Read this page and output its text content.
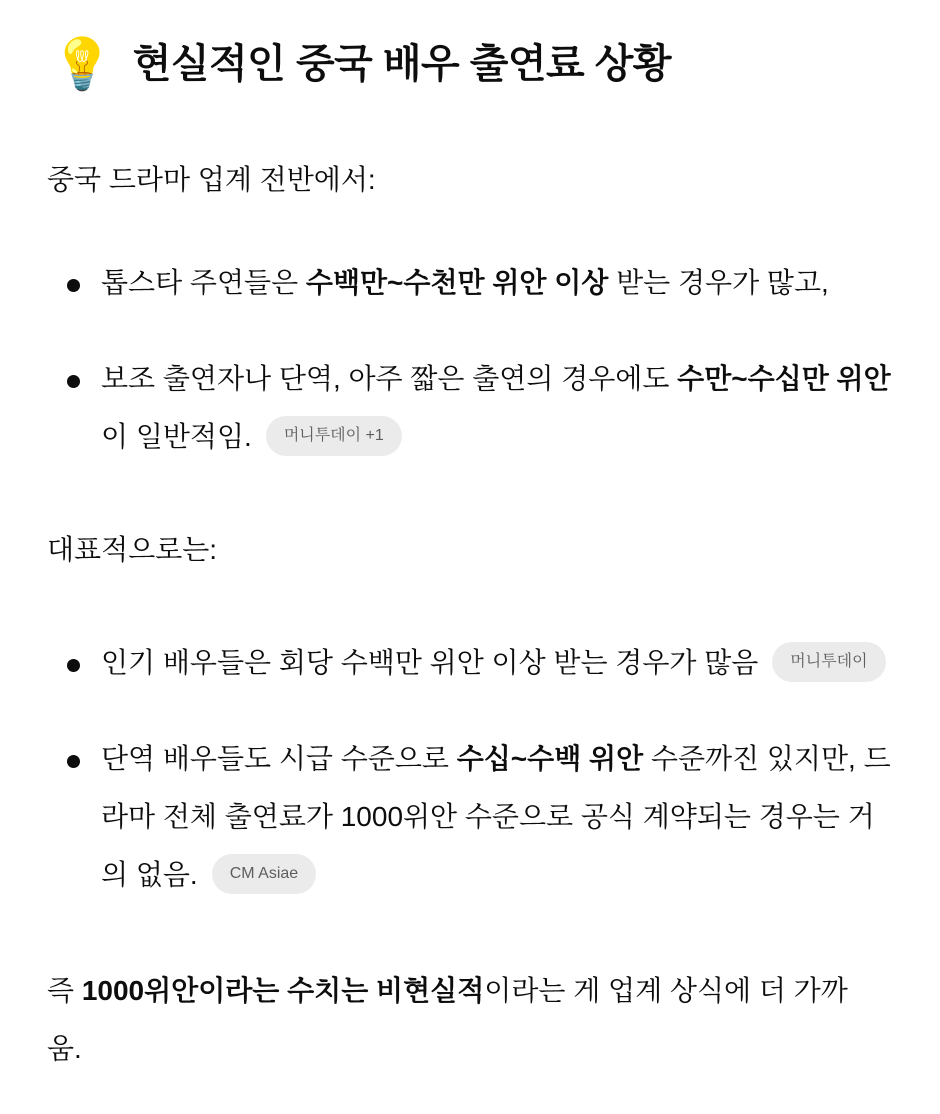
💡 현실적인 중국 배우 출연료 상황

중국 드라마 업계 전반에서:

톱스타 주연들은 수백만~수천만 위안 이상 받는 경우가 많고,
보조 출연자나 단역, 아주 짧은 출연의 경우에도 수만~수십만 위안이 일반적임. 머니투데이 +1

대표적으로는:

인기 배우들은 회당 수백만 위안 이상 받는 경우가 많음 머니투데이
단역 배우들도 시급 수준으로 수십~수백 위안 수준까진 있지만, 드라마 전체 출연료가 1000위안 수준으로 공식 계약되는 경우는 거의 없음. CM Asiae

즉 1000위안이라는 수치는 비현실적이라는 게 업계 상식에 더 가까움.
